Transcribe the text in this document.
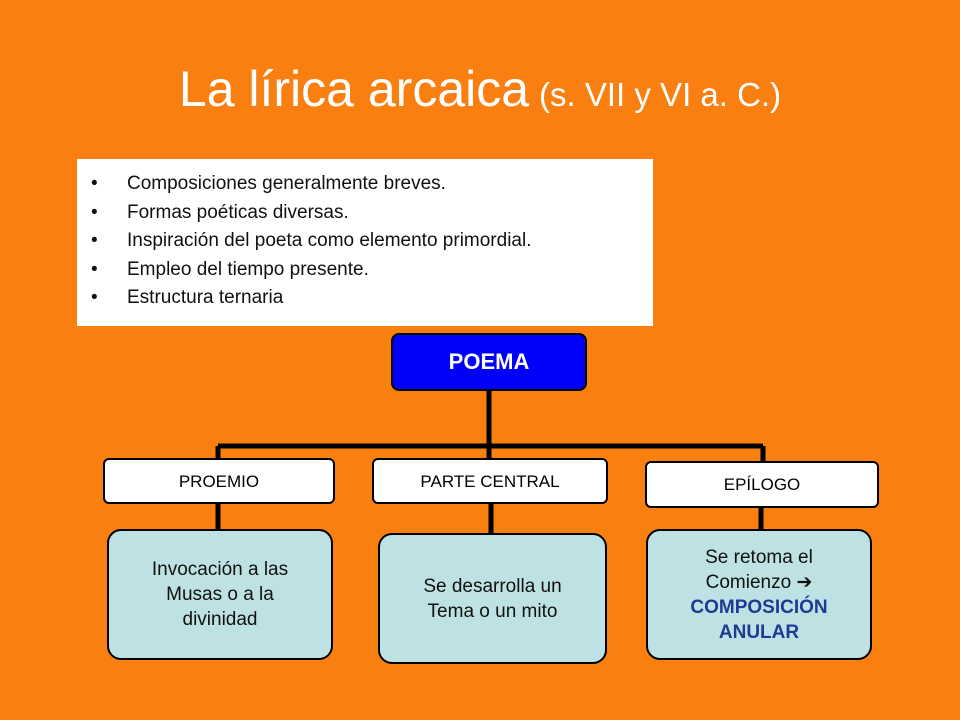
La lírica arcaica (s. VII y VI a. C.)
• Composiciones generalmente breves.
• Formas poéticas diversas.
• Inspiración del poeta como elemento primordial.
• Empleo del tiempo presente.
• Estructura ternaria
POEMA
PROEMIO	PARTE CENTRAL	EPÍLOGO
Invocación a las
Musas o a la
divinidad
Se desarrolla un
Tema o un mito
Se retoma el
Comienzo ➔
COMPOSICIÓN
ANULAR
